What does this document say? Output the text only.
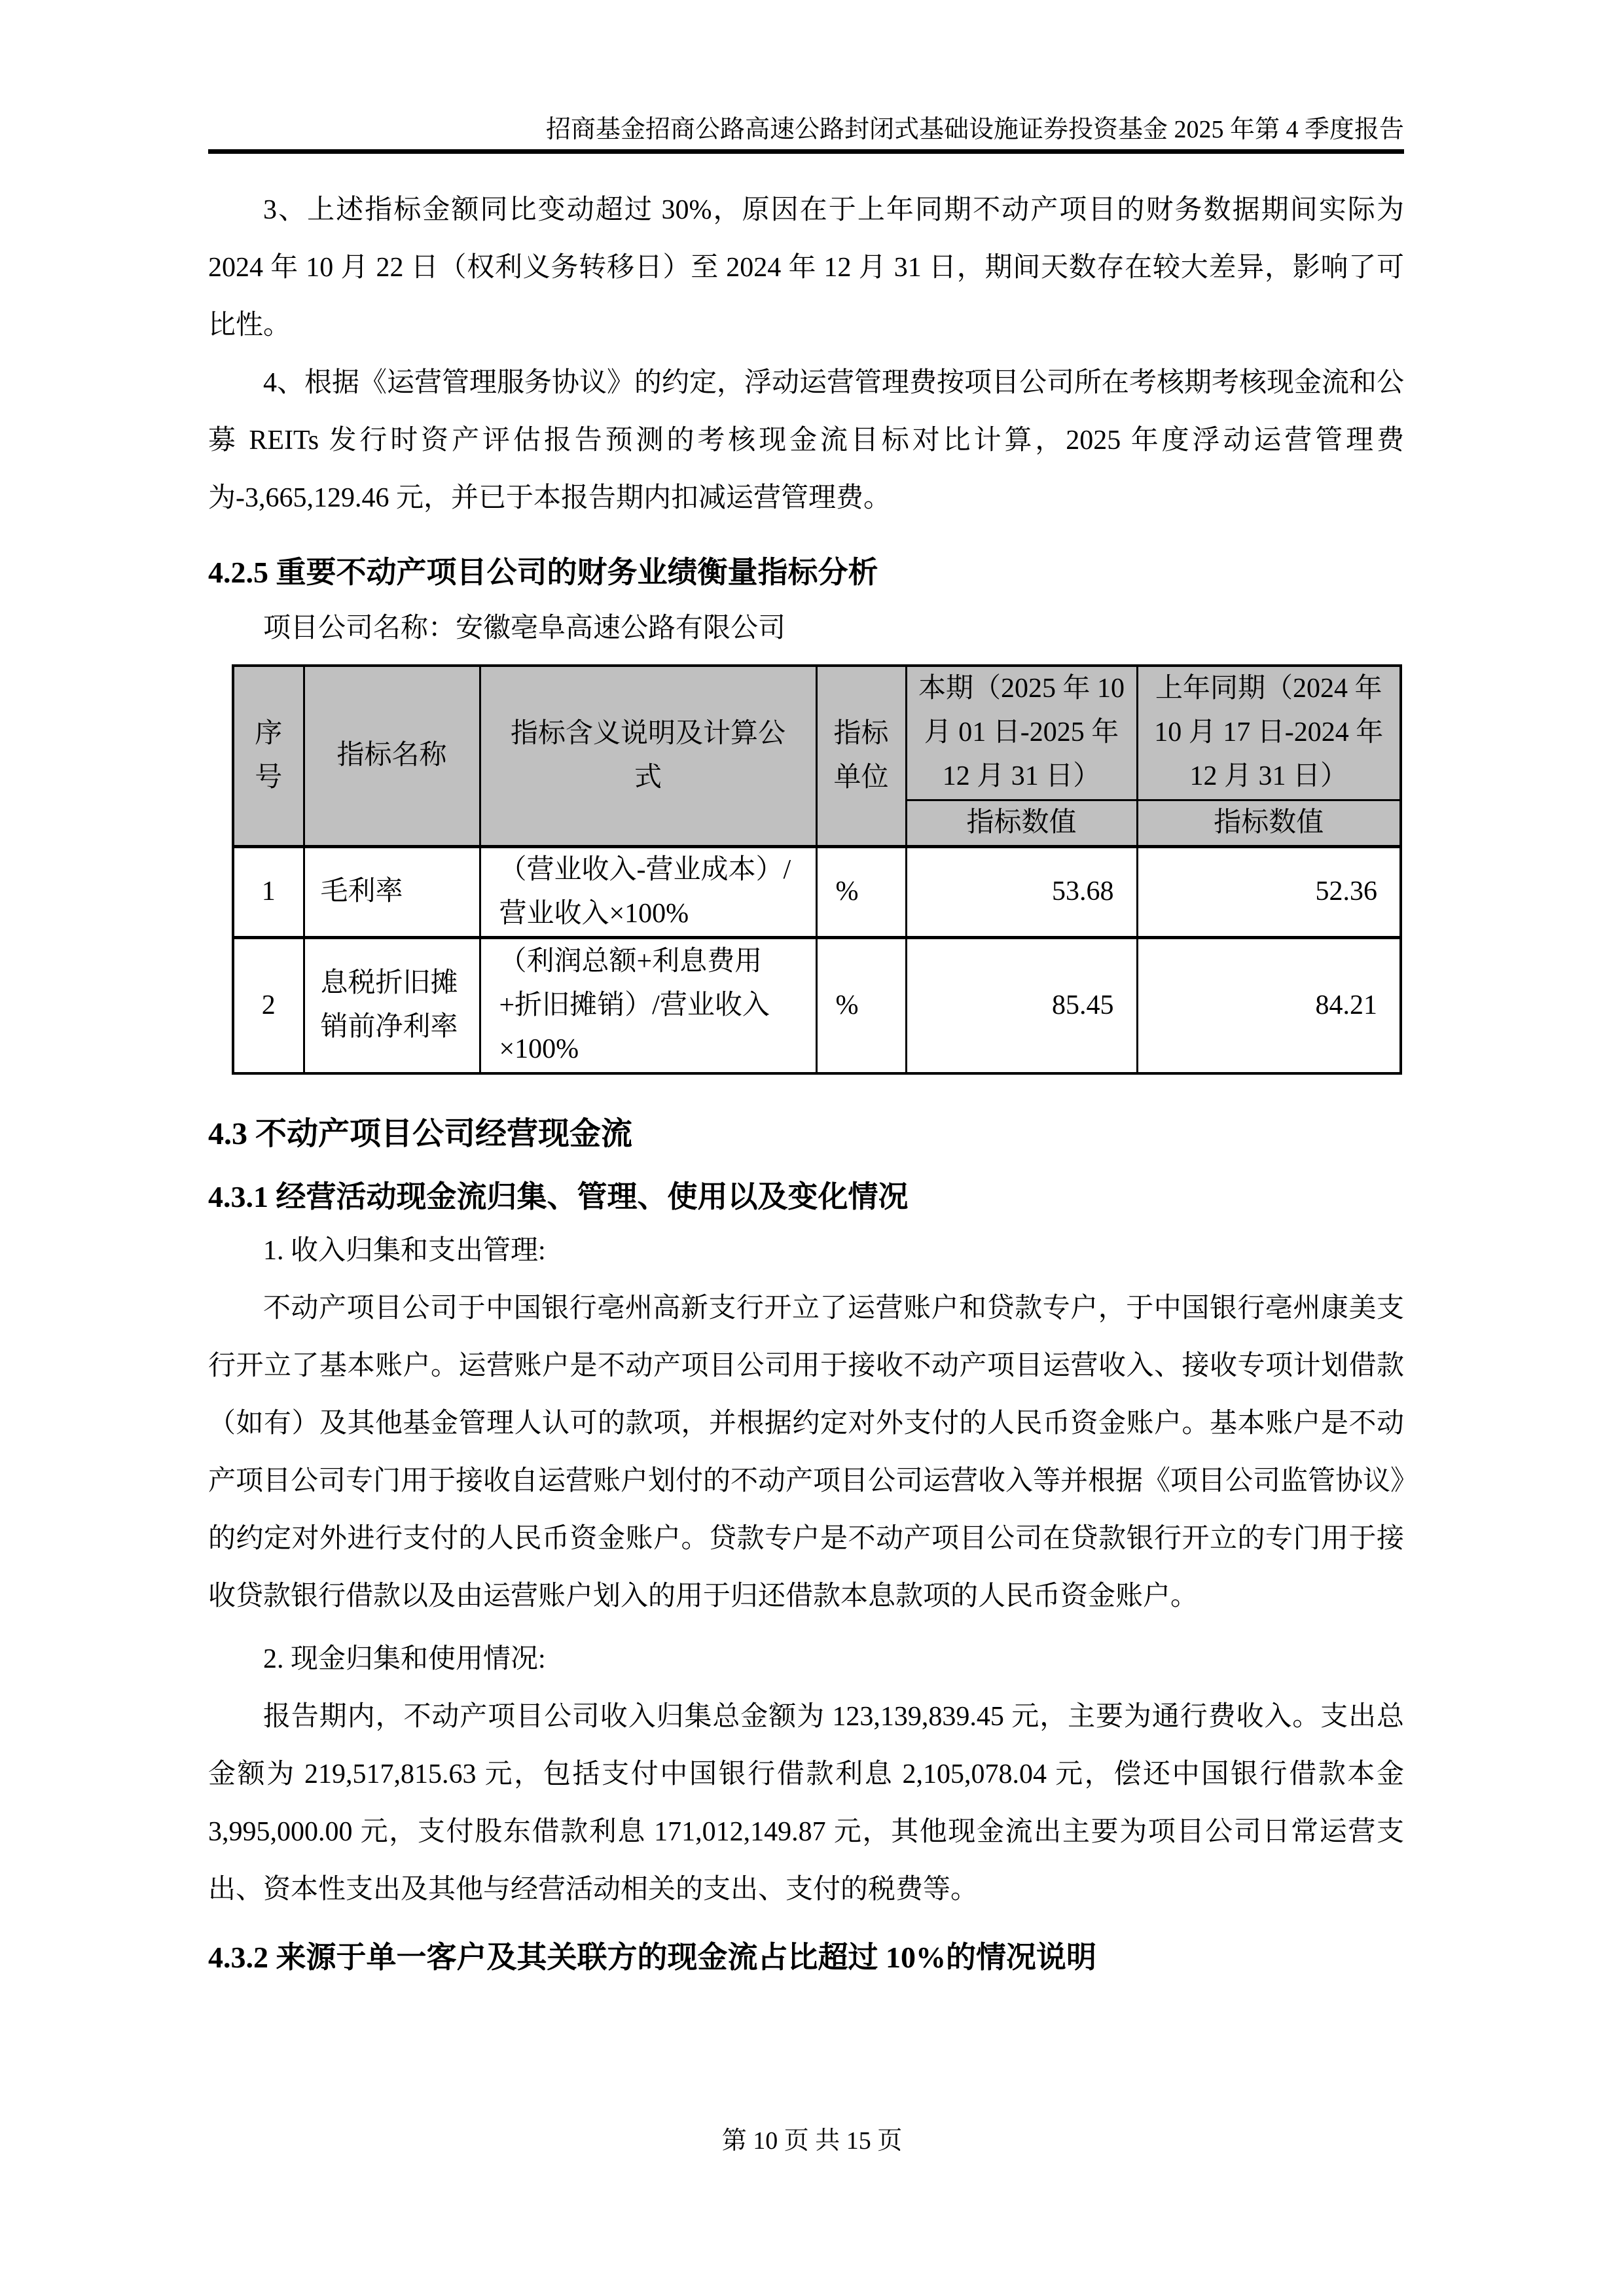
招商基金招商公路高速公路封闭式基础设施证券投资基金 2025 年第 4 季度报告

3、上述指标金额同比变动超过 30%，原因在于上年同期不动产项目的财务数据期间实际为 2024 年 10 月 22 日（权利义务转移日）至 2024 年 12 月 31 日，期间天数存在较大差异，影响了可比性。

4、根据《运营管理服务协议》的约定，浮动运营管理费按项目公司所在考核期考核现金流和公募 REITs 发行时资产评估报告预测的考核现金流目标对比计算，2025 年度浮动运营管理费为-3,665,129.46 元，并已于本报告期内扣减运营管理费。

4.2.5 重要不动产项目公司的财务业绩衡量指标分析

项目公司名称：安徽亳阜高速公路有限公司

序号	指标名称	指标含义说明及计算公式	指标单位	本期（2025 年 10 月 01 日-2025 年 12 月 31 日）	上年同期（2024 年 10 月 17 日-2024 年 12 月 31 日）
				指标数值	指标数值
1	毛利率	（营业收入-营业成本）/营业收入×100%	%	53.68	52.36
2	息税折旧摊销前净利率	（利润总额+利息费用+折旧摊销）/营业收入×100%	%	85.45	84.21
4.3 不动产项目公司经营现金流
4.3.1 经营活动现金流归集、管理、使用以及变化情况

1. 收入归集和支出管理:

不动产项目公司于中国银行亳州高新支行开立了运营账户和贷款专户，于中国银行亳州康美支行开立了基本账户。运营账户是不动产项目公司用于接收不动产项目运营收入、接收专项计划借款（如有）及其他基金管理人认可的款项，并根据约定对外支付的人民币资金账户。基本账户是不动产项目公司专门用于接收自运营账户划付的不动产项目公司运营收入等并根据《项目公司监管协议》的约定对外进行支付的人民币资金账户。贷款专户是不动产项目公司在贷款银行开立的专门用于接收贷款银行借款以及由运营账户划入的用于归还借款本息款项的人民币资金账户。

2. 现金归集和使用情况:

报告期内，不动产项目公司收入归集总金额为 123,139,839.45 元，主要为通行费收入。支出总金额为 219,517,815.63 元，包括支付中国银行借款利息 2,105,078.04 元，偿还中国银行借款本金 3,995,000.00 元，支付股东借款利息 171,012,149.87 元，其他现金流出主要为项目公司日常运营支出、资本性支出及其他与经营活动相关的支出、支付的税费等。

4.3.2 来源于单一客户及其关联方的现金流占比超过 10%的情况说明
第 10 页 共 15 页
